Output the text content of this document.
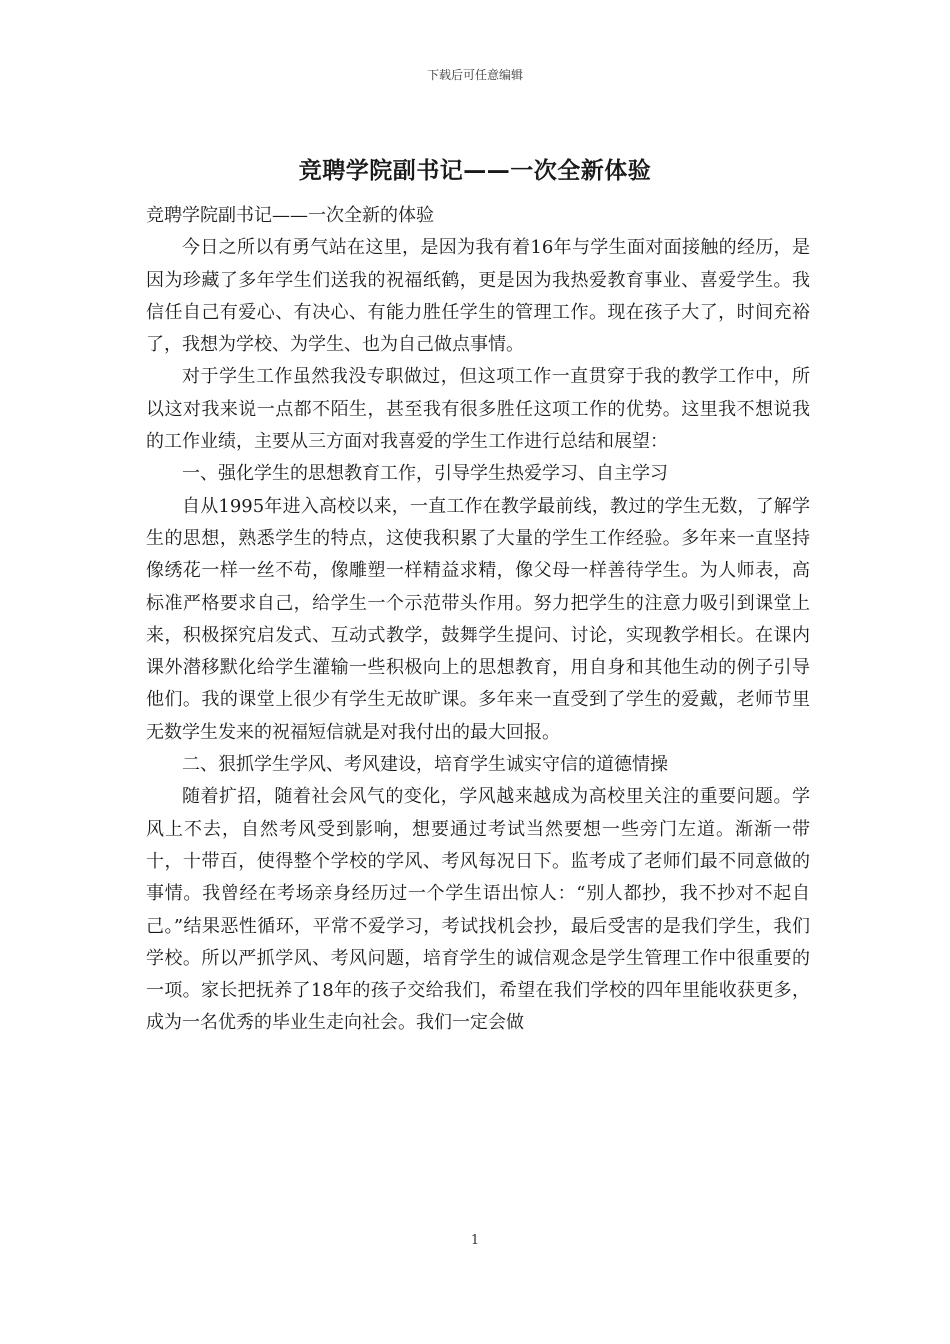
下载后可任意编辑
竞聘学院副书记——一次全新体验

竞聘学院副书记——一次全新的体验

今日之所以有勇气站在这里，是因为我有着16年与学生面对面接触的经历，是因为珍藏了多年学生们送我的祝福纸鹤，更是因为我热爱教育事业、喜爱学生。我信任自己有爱心、有决心、有能力胜任学生的管理工作。现在孩子大了，时间充裕了，我想为学校、为学生、也为自己做点事情。

对于学生工作虽然我没专职做过，但这项工作一直贯穿于我的教学工作中，所以这对我来说一点都不陌生，甚至我有很多胜任这项工作的优势。这里我不想说我的工作业绩，主要从三方面对我喜爱的学生工作进行总结和展望：

一、强化学生的思想教育工作，引导学生热爱学习、自主学习

自从1995年进入高校以来，一直工作在教学最前线，教过的学生无数，了解学生的思想，熟悉学生的特点，这使我积累了大量的学生工作经验。多年来一直坚持像绣花一样一丝不苟，像雕塑一样精益求精，像父母一样善待学生。为人师表，高标准严格要求自己，给学生一个示范带头作用。努力把学生的注意力吸引到课堂上来，积极探究启发式、互动式教学，鼓舞学生提问、讨论，实现教学相长。在课内课外潜移默化给学生灌输一些积极向上的思想教育，用自身和其他生动的例子引导他们。我的课堂上很少有学生无故旷课。多年来一直受到了学生的爱戴，老师节里无数学生发来的祝福短信就是对我付出的最大回报。

二、狠抓学生学风、考风建设，培育学生诚实守信的道德情操

随着扩招，随着社会风气的变化，学风越来越成为高校里关注的重要问题。学风上不去，自然考风受到影响，想要通过考试当然要想一些旁门左道。渐渐一带十，十带百，使得整个学校的学风、考风每况日下。监考成了老师们最不同意做的事情。我曾经在考场亲身经历过一个学生语出惊人：“别人都抄，我不抄对不起自己。”结果恶性循环，平常不爱学习，考试找机会抄，最后受害的是我们学生，我们学校。所以严抓学风、考风问题，培育学生的诚信观念是学生管理工作中很重要的一项。家长把抚养了18年的孩子交给我们，希望在我们学校的四年里能收获更多，成为一名优秀的毕业生走向社会。我们一定会做

1
